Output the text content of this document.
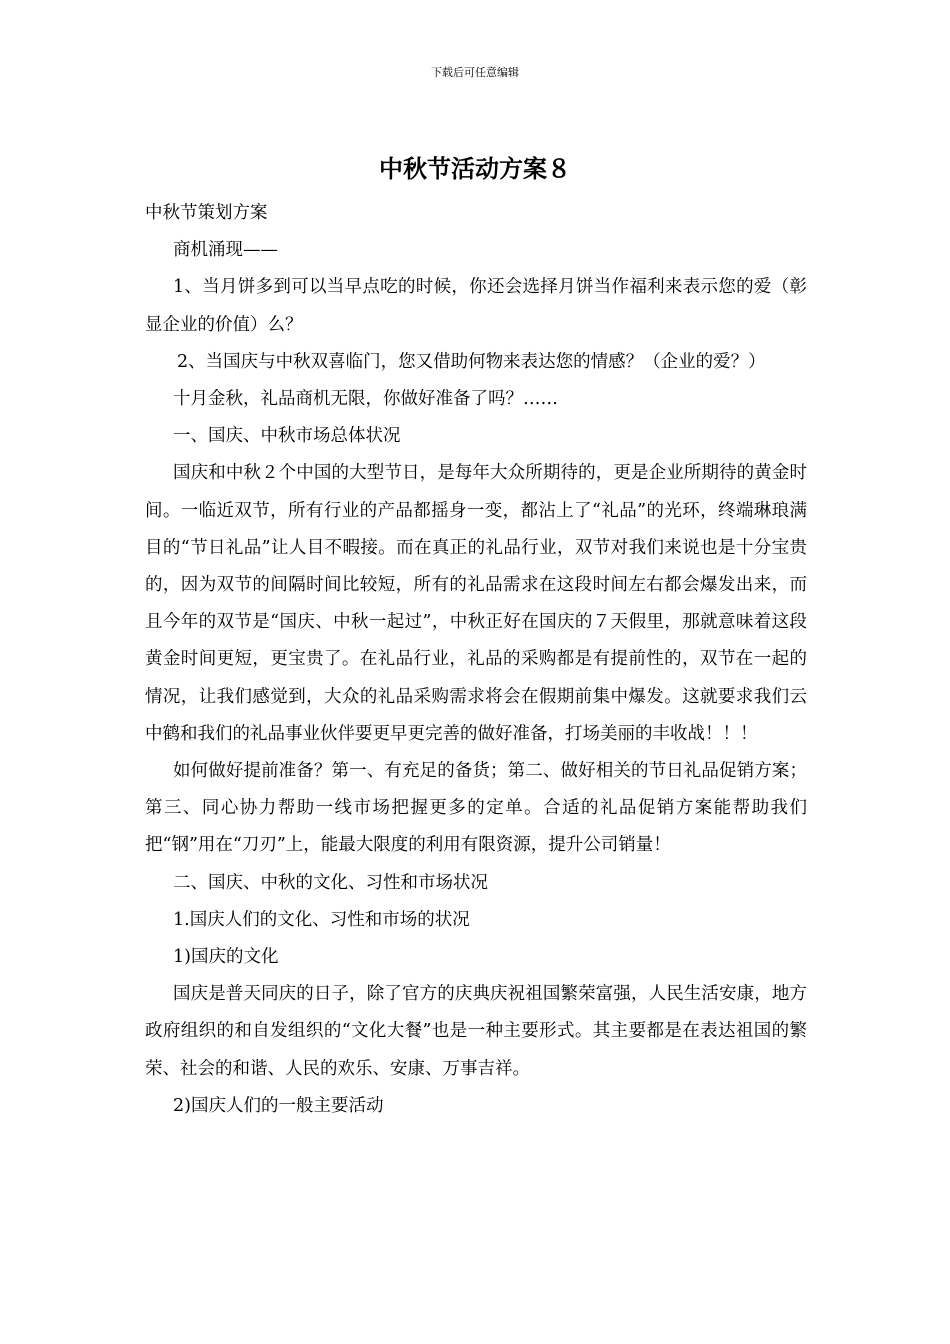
下载后可任意编辑
中秋节活动方案８

中秋节策划方案

商机涌现——

1、当月饼多到可以当早点吃的时候，你还会选择月饼当作福利来表示您的爱（彰显企业的价值）么？

2、当国庆与中秋双喜临门，您又借助何物来表达您的情感？（企业的爱？）

十月金秋，礼品商机无限，你做好准备了吗？……

一、国庆、中秋市场总体状况

国庆和中秋２个中国的大型节日，是每年大众所期待的，更是企业所期待的黄金时间。一临近双节，所有行业的产品都摇身一变，都沾上了“礼品”的光环，终端琳琅满目的“节日礼品”让人目不暇接。而在真正的礼品行业，双节对我们来说也是十分宝贵的，因为双节的间隔时间比较短，所有的礼品需求在这段时间左右都会爆发出来，而且今年的双节是“国庆、中秋一起过”，中秋正好在国庆的７天假里，那就意味着这段黄金时间更短，更宝贵了。在礼品行业，礼品的采购都是有提前性的，双节在一起的情况，让我们感觉到，大众的礼品采购需求将会在假期前集中爆发。这就要求我们云中鹤和我们的礼品事业伙伴要更早更完善的做好准备，打场美丽的丰收战！！！

如何做好提前准备？第一、有充足的备货；第二、做好相关的节日礼品促销方案；第三、同心协力帮助一线市场把握更多的定单。合适的礼品促销方案能帮助我们把“钢”用在“刀刃”上，能最大限度的利用有限资源，提升公司销量！

二、国庆、中秋的文化、习性和市场状况

1.国庆人们的文化、习性和市场的状况

1)国庆的文化

国庆是普天同庆的日子，除了官方的庆典庆祝祖国繁荣富强，人民生活安康，地方政府组织的和自发组织的“文化大餐”也是一种主要形式。其主要都是在表达祖国的繁荣、社会的和谐、人民的欢乐、安康、万事吉祥。

2)国庆人们的一般主要活动
